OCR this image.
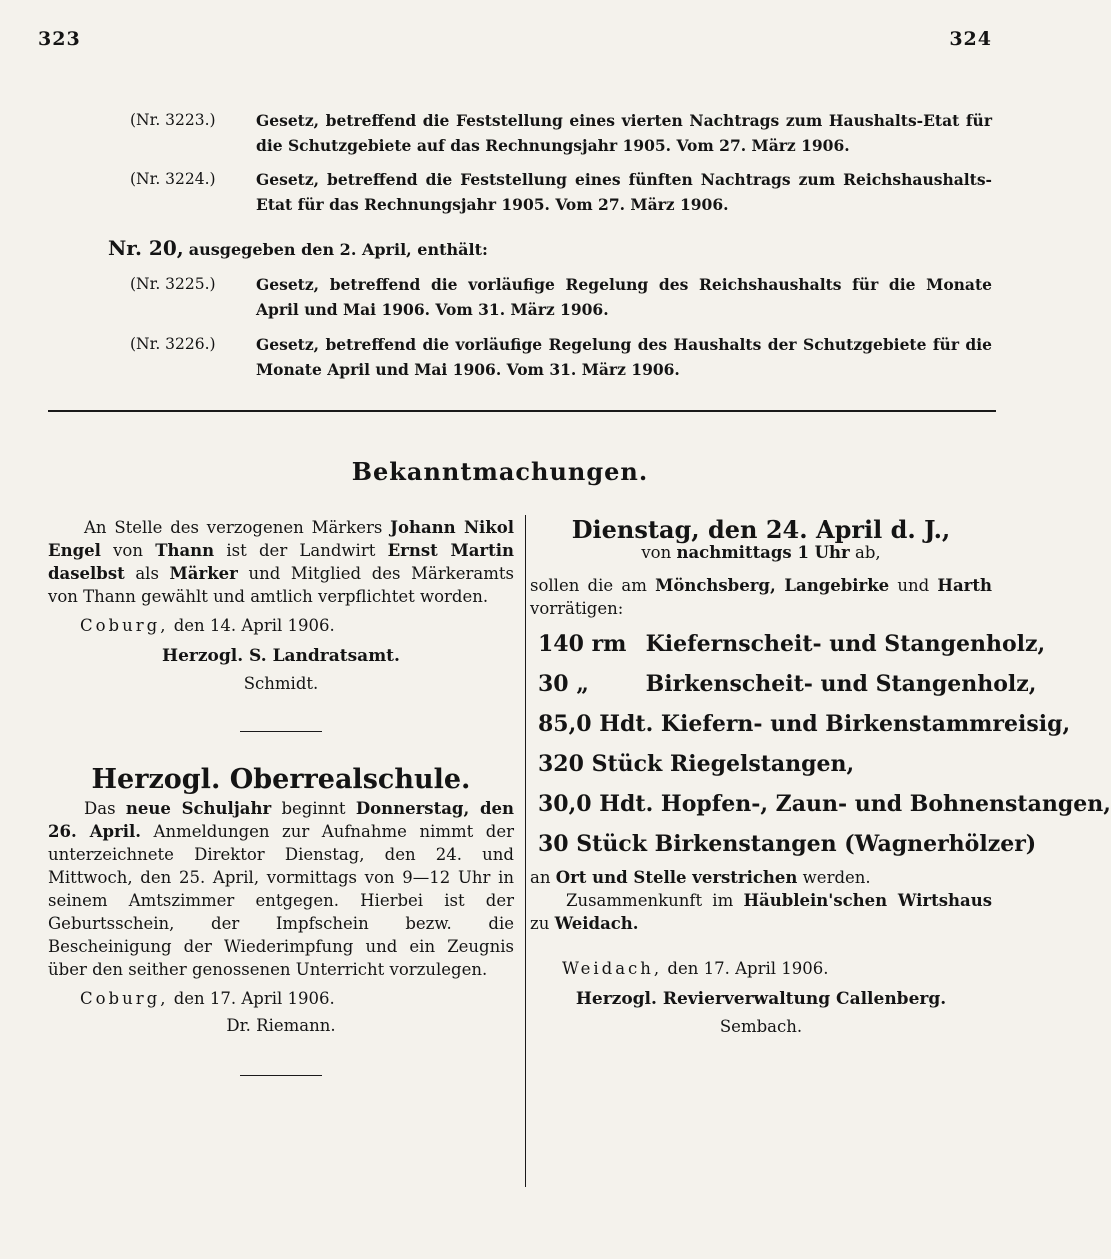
323	324
(Nr. 3223.)	Gesetz, betreffend die Feststellung eines vierten Nachtrags zum Haushalts-Etat für die Schutzgebiete auf das Rechnungsjahr 1905. Vom 27. März 1906.
(Nr. 3224.)	Gesetz, betreffend die Feststellung eines fünften Nachtrags zum Reichshaushalts-Etat für das Rechnungsjahr 1905. Vom 27. März 1906.
Nr. 20, ausgegeben den 2. April, enthält:
(Nr. 3225.)	Gesetz, betreffend die vorläufige Regelung des Reichshaushalts für die Monate April und Mai 1906. Vom 31. März 1906.
(Nr. 3226.)	Gesetz, betreffend die vorläufige Regelung des Haushalts der Schutzgebiete für die Monate April und Mai 1906. Vom 31. März 1906.
Bekanntmachungen.

An Stelle des verzogenen Märkers Johann Nikol Engel von Thann ist der Landwirt Ernst Martin daselbst als Märker und Mitglied des Märkeramts von Thann gewählt und amtlich verpflichtet worden.

Coburg, den 14. April 1906.
Herzogl. S. Landratsamt.
Schmidt.

Herzogl. Oberrealschule.

Das neue Schuljahr beginnt Donnerstag, den 26. April. Anmeldungen zur Aufnahme nimmt der unterzeichnete Direktor Dienstag, den 24. und Mittwoch, den 25. April, vormittags von 9—12 Uhr in seinem Amtszimmer entgegen. Hierbei ist der Geburtsschein, der Impfschein bezw. die Bescheinigung der Wiederimpfung und ein Zeugnis über den seither genossenen Unterricht vorzulegen.

Coburg, den 17. April 1906.
Dr. Riemann.

Dienstag, den 24. April d. J.,

von nachmittags 1 Uhr ab,

sollen die am Mönchsberg, Langebirke und Harth vorrätigen:

140 rm Kiefernscheit- und Stangenholz,
30 „	Birkenscheit- und Stangenholz,
85,0 Hdt. Kiefern- und Birkenstammreisig,
320 Stück Riegelstangen,
30,0 Hdt. Hopfen-, Zaun- und Bohnenstangen,
30 Stück Birkenstangen (Wagnerhölzer)

an Ort und Stelle verstrichen werden.

Zusammenkunft im Häublein'schen Wirtshaus zu Weidach.

Weidach, den 17. April 1906.
Herzogl. Revierverwaltung Callenberg.
Sembach.
